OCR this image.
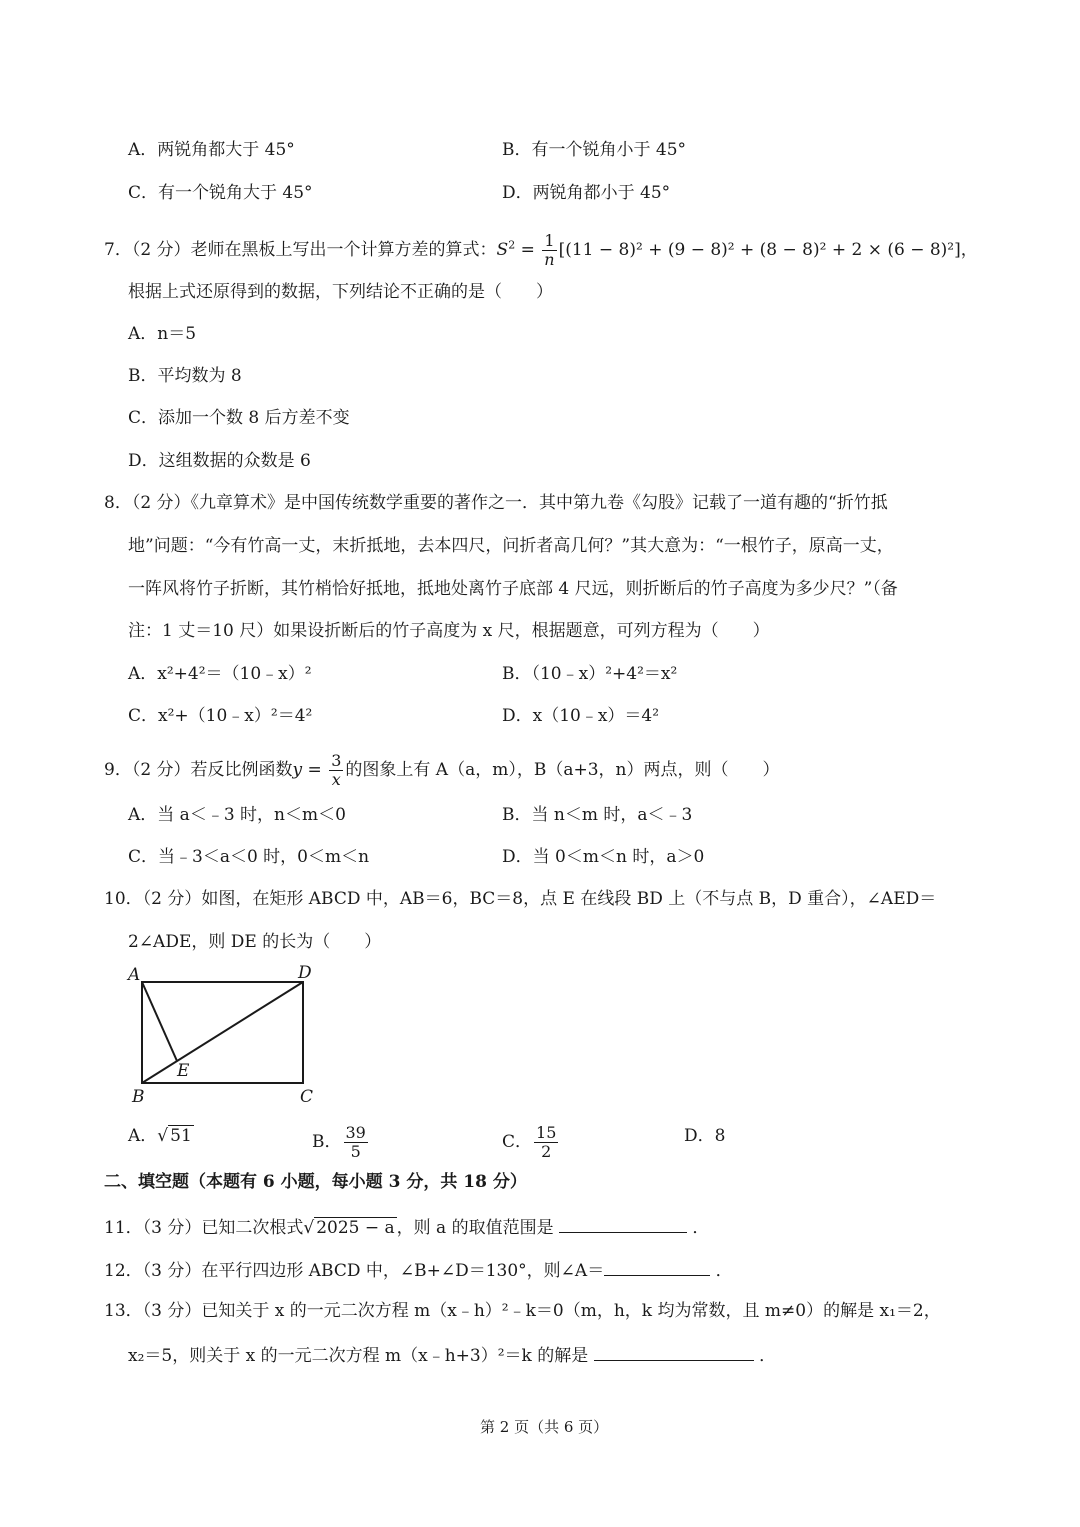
A．两锐角都大于 45°	B．有一个锐角小于 45°
C．有一个锐角大于 45°	D．两锐角都小于 45°
7．（2 分）老师在黑板上写出一个计算方差的算式：$S^2 = \frac{1}{n} [(11 - 8)^2 + (9 - 8)^2 + (8 - 8)^2 + 2 \times (6 - 8)^2]$，
根据上式还原得到的数据，下列结论不正确的是（　　）
A．n＝5
B．平均数为 8
C．添加一个数 8 后方差不变
D．这组数据的众数是 6
8．（2 分）《九章算术》是中国传统数学重要的著作之一．其中第九卷《勾股》记载了一道有趣的“折竹抵
地”问题：“今有竹高一丈，末折抵地，去本四尺，问折者高几何？”其大意为：“一根竹子，原高一丈，
一阵风将竹子折断，其竹梢恰好抵地，抵地处离竹子底部 4 尺远，则折断后的竹子高度为多少尺？”（备
注：1 丈＝10 尺）如果设折断后的竹子高度为 x 尺，根据题意，可列方程为（　　）
A．x²+4²＝（10﹣x）²	B．（10﹣x）²+4²＝x²
C．x²+（10﹣x）²＝4²	D．x（10﹣x）＝4²
9．（2 分）若反比例函数$y = \frac{3}{x}$ 的图象上有 A（a，m），B（a+3，n）两点，则（　　）
A．当 a＜﹣3 时，n＜m＜0	B．当 n＜m 时，a＜﹣3
C．当﹣3＜a＜0 时，0＜m＜n	D．当 0＜m＜n 时，a＞0
10．（2 分）如图，在矩形 ABCD 中，AB＝6，BC＝8，点 E 在线段 BD 上（不与点 B，D 重合），∠AED＝
2∠ADE，则 DE 的长为（　　）
A	D
E
B	C
A．√ 51	B． $\frac{39}{5}$	C． $\frac{15}{2}$	D．8
二、填空题（本题有 6 小题，每小题 3 分，共 18 分）
11．（3 分）已知二次根式√ 2025 − a ，则 a 的取值范围是	．
12．（3 分）在平行四边形 ABCD 中，∠B+∠D＝130°，则∠A＝	．
13．（3 分）已知关于 x 的一元二次方程 m（x﹣h）²﹣k＝0（m，h，k 均为常数，且 m≠0）的解是 x₁＝2，
x₂＝5，则关于 x 的一元二次方程 m（x﹣h+3）²＝k 的解是	．
第 2 页（共 6 页）
